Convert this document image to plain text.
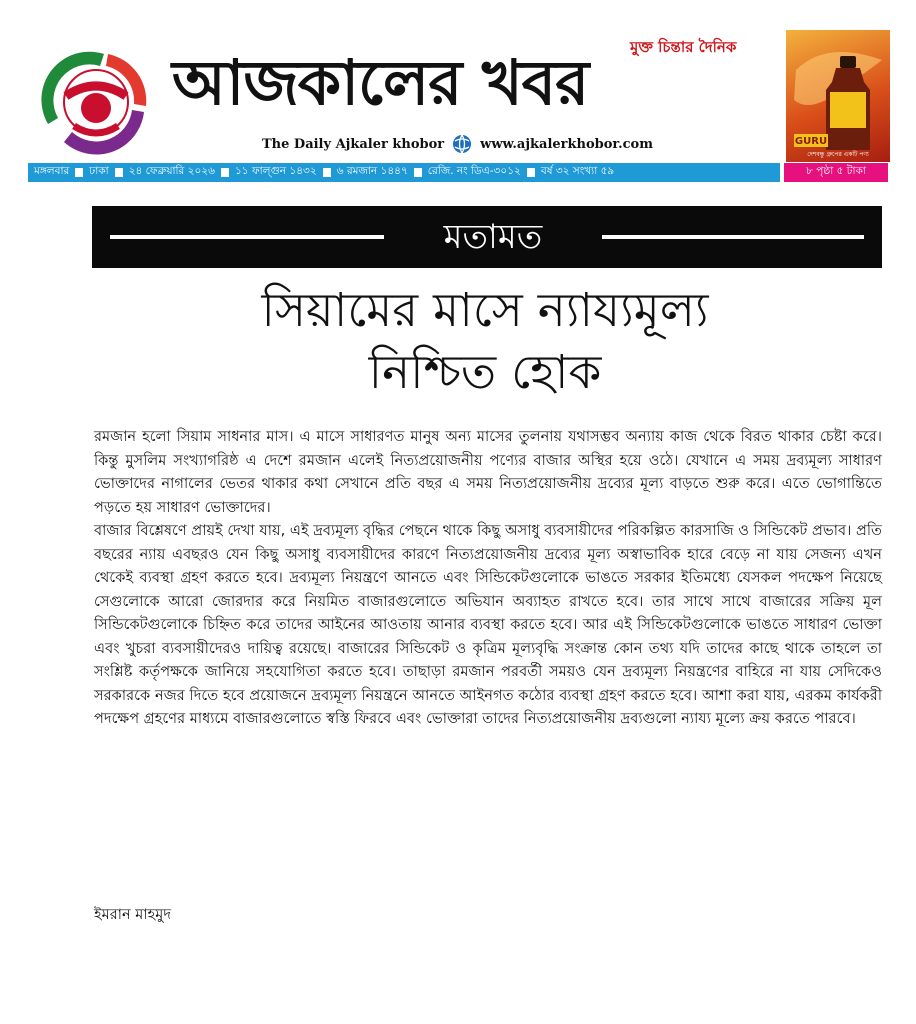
মুক্ত চিন্তার দৈনিক
আজকালের খবর
The Daily Ajkaler khobor	www.ajkalerkhobor.com	GURU
দেশবন্ধু গ্রুপের একটি পণ্য
মঙ্গলবার ঢাকা ২৪ ফেব্রুয়ারি ২০২৬ ১১ ফাল্গুন ১৪৩২ ৬ রমজান ১৪৪৭ রেজি. নং ডিএ-৩০১২ বর্ষ ৩২ সংখ্যা ৫৯	৮ পৃষ্ঠা ৫ টাকা
মতামত
সিয়ামের মাসে ন্যায্যমূল্য
নিশ্চিত হোক

রমজান হলো সিয়াম সাধনার মাস। এ মাসে সাধারণত মানুষ অন্য মাসের তুলনায় যথাসম্ভব অন্যায় কাজ থেকে বিরত থাকার চেষ্টা করে। কিন্তু মুসলিম সংখ্যাগরিষ্ঠ এ দেশে রমজান এলেই নিত্যপ্রয়োজনীয় পণ্যের বাজার অস্থির হয়ে ওঠে। যেখানে এ সময় দ্রব্যমূল্য সাধারণ ভোক্তাদের নাগালের ভেতর থাকার কথা সেখানে প্রতি বছর এ সময় নিত্যপ্রয়োজনীয় দ্রব্যের মূল্য বাড়তে শুরু করে। এতে ভোগান্তিতে পড়তে হয় সাধারণ ভোক্তাদের।

বাজার বিশ্লেষণে প্রায়ই দেখা যায়, এই দ্রব্যমূল্য বৃদ্ধির পেছনে থাকে কিছু অসাধু ব্যবসায়ীদের পরিকল্পিত কারসাজি ও সিন্ডিকেট প্রভাব। প্রতি বছরের ন্যায় এবছরও যেন কিছু অসাধু ব্যবসায়ীদের কারণে নিত্যপ্রয়োজনীয় দ্রব্যের মূল্য অস্বাভাবিক হারে বেড়ে না যায় সেজন্য এখন থেকেই ব্যবস্থা গ্রহণ করতে হবে। দ্রব্যমূল্য নিয়ন্ত্রণে আনতে এবং সিন্ডিকেটগুলোকে ভাঙতে সরকার ইতিমধ্যে যেসকল পদক্ষেপ নিয়েছে সেগুলোকে আরো জোরদার করে নিয়মিত বাজারগুলোতে অভিযান অব্যাহত রাখতে হবে। তার সাথে সাথে বাজারের সক্রিয় মূল সিন্ডিকেটগুলোকে চিহ্নিত করে তাদের আইনের আওতায় আনার ব্যবস্থা করতে হবে। আর এই সিন্ডিকেটগুলোকে ভাঙতে সাধারণ ভোক্তা এবং খুচরা ব্যবসায়ীদেরও দায়িত্ব রয়েছে। বাজারের সিন্ডিকেট ও কৃত্রিম মূল্যবৃদ্ধি সংক্রান্ত কোন তথ্য যদি তাদের কাছে থাকে তাহলে তা সংশ্লিষ্ট কর্তৃপক্ষকে জানিয়ে সহযোগিতা করতে হবে। তাছাড়া রমজান পরবর্তী সময়ও যেন দ্রব্যমূল্য নিয়ন্ত্রণের বাহিরে না যায় সেদিকেও সরকারকে নজর দিতে হবে প্রয়োজনে দ্রব্যমূল্য নিয়ন্ত্রনে আনতে আইনগত কঠোর ব্যবস্থা গ্রহণ করতে হবে। আশা করা যায়, এরকম কার্যকরী পদক্ষেপ গ্রহণের মাধ্যমে বাজারগুলোতে স্বস্তি ফিরবে এবং ভোক্তারা তাদের নিত্যপ্রয়োজনীয় দ্রব্যগুলো ন্যায্য মূল্যে ক্রয় করতে পারবে।

ইমরান মাহমুদ
